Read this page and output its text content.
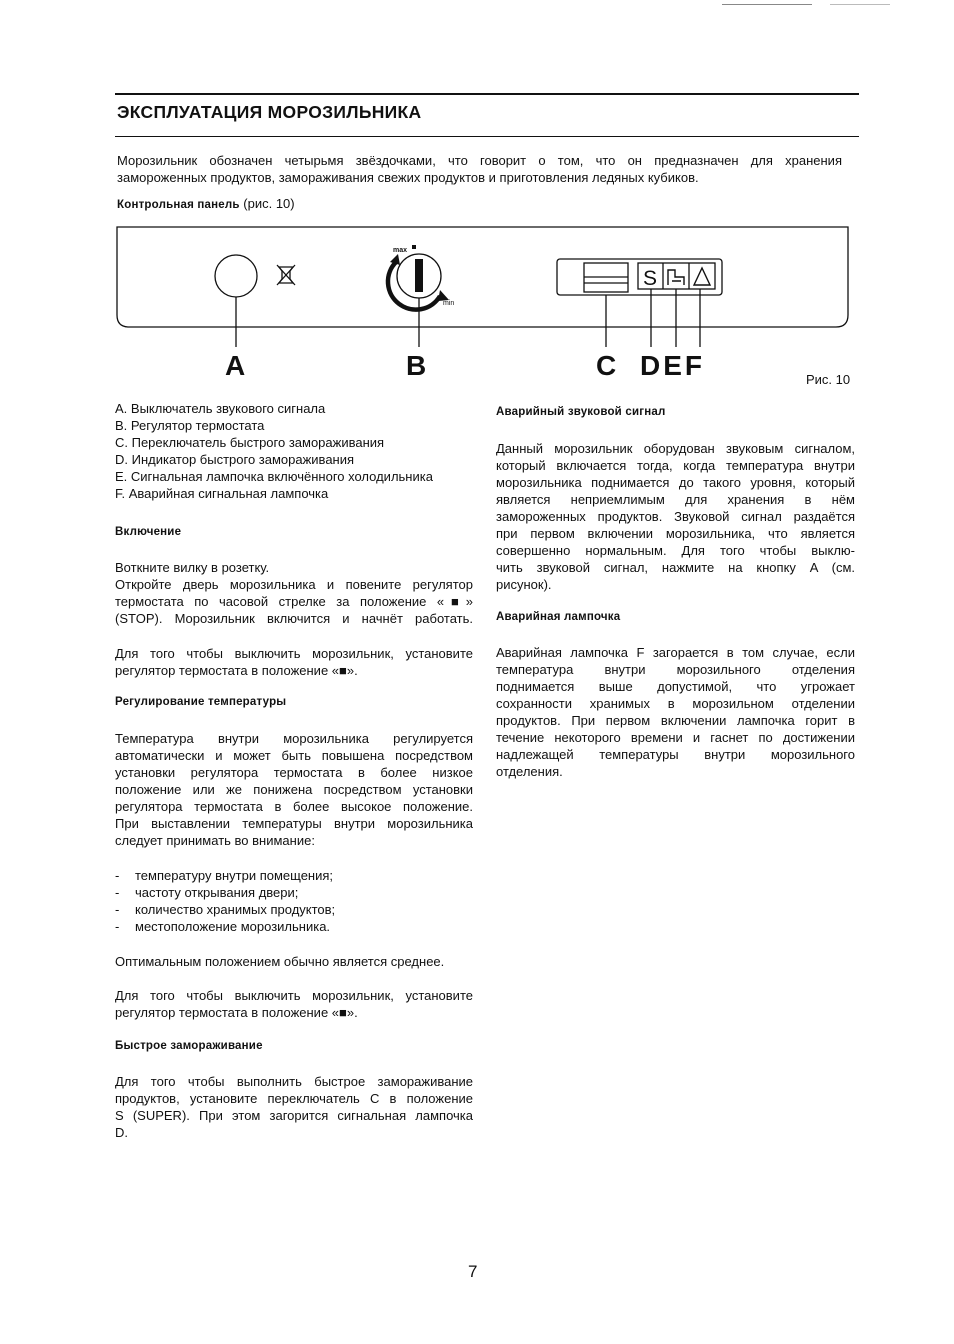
ЭКСПЛУАТАЦИЯ МОРОЗИЛЬНИКА
Морозильник обозначен четырьмя звёздочками, что говорит о том, что он предназначен для хранения
замороженных продуктов, замораживания свежих продуктов и приготовления ледяных кубиков.
Контрольная панель (рис. 10)
max
min
S
A	B	C DEF	Рис. 10
A. Выключатель звукового сигнала
B. Регулятор термостата
C. Переключатель быстрого замораживания
D. Индикатор быстрого замораживания
E. Сигнальная лампочка включённого холодильника
F. Аварийная сигнальная лампочка
Включение
Воткните вилку в розетку.
Откройте дверь морозильника и повените регулятор
термостата по часовой стрелке за положение «■»
(STOP). Морозильник включится и начнёт работать.
Для того чтобы выключить морозильник, установите
регулятор термостата в положение «■».
Регулирование температуры
Температура внутри морозильника регулируется
автоматически и может быть повышена посредством
установки регулятора термостата в более низкое
положение или же понижена посредством установки
регулятора термостата в более высокое положение.
При выставлении температуры внутри морозильника
следует принимать во внимание:
- температуру внутри помещения;
- частоту открывания двери;
- количество хранимых продуктов;
- местоположение морозильника.
Оптимальным положением обычно является среднее.
Для того чтобы выключить морозильник, установите
регулятор термостата в положение «■».
Быстрое замораживание
Для того чтобы выполнить быстрое замораживание
продуктов, установите переключатель C в положение
S (SUPER). При этом загорится сигнальная лампочка
D.
Аварийный звуковой сигнал
Данный морозильник оборудован звуковым сигналом,
который включается тогда, когда температура внутри
морозильника поднимается до такого уровня, который
является неприемлимым для хранения в нём
замороженных продуктов. Звуковой сигнал раздаётся
при первом включении морозильника, что является
совершенно нормальным. Для того чтобы выклю-
чить звуковой сигнал, нажмите на кнопку A (см.
рисунок).
Аварийная лампочка
Аварийная лампочка F загорается в том случае, если
температура внутри морозильного отделения
поднимается выше допустимой, что угрожает
сохранности хранимых в морозильном отделении
продуктов. При первом включении лампочка горит в
течение некоторого времени и гаснет по достижении
надлежащей температуры внутри морозильного
отделения.
7
